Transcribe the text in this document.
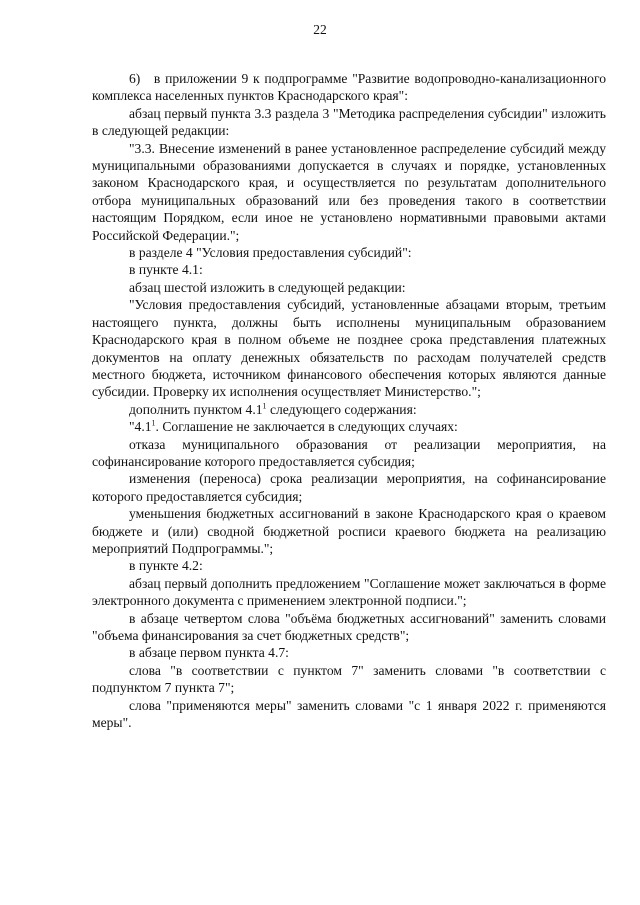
22

6) в приложении 9 к подпрограмме "Развитие водопроводно-канализационного комплекса населенных пунктов Краснодарского края":

абзац первый пункта 3.3 раздела 3 "Методика распределения субсидии" изложить в следующей редакции:

"3.3. Внесение изменений в ранее установленное распределение субсидий между муниципальными образованиями допускается в случаях и порядке, установленных законом Краснодарского края, и осуществляется по результатам дополнительного отбора муниципальных образований или без проведения такого в соответствии настоящим Порядком, если иное не установлено нормативными правовыми актами Российской Федерации.";

в разделе 4 "Условия предоставления субсидий":

в пункте 4.1:

абзац шестой изложить в следующей редакции:

"Условия предоставления субсидий, установленные абзацами вторым, третьим настоящего пункта, должны быть исполнены муниципальным образованием Краснодарского края в полном объеме не позднее срока представления платежных документов на оплату денежных обязательств по расходам получателей средств местного бюджета, источником финансового обеспечения которых являются данные субсидии. Проверку их исполнения осуществляет Министерство.";

дополнить пунктом $4.1^1$ следующего содержания:

"$4.1^1$. Соглашение не заключается в следующих случаях:

отказа муниципального образования от реализации мероприятия, на софинансирование которого предоставляется субсидия;

изменения (переноса) срока реализации мероприятия, на софинансирование которого предоставляется субсидия;

уменьшения бюджетных ассигнований в законе Краснодарского края о краевом бюджете и (или) сводной бюджетной росписи краевого бюджета на реализацию мероприятий Подпрограммы.";

в пункте 4.2:

абзац первый дополнить предложением "Соглашение может заключаться в форме электронного документа с применением электронной подписи.";

в абзаце четвертом слова "объёма бюджетных ассигнований" заменить словами "объема финансирования за счет бюджетных средств";

в абзаце первом пункта 4.7:

слова "в соответствии с пунктом 7" заменить словами "в соответствии с подпунктом 7 пункта 7";

слова "применяются меры" заменить словами "с 1 января 2022 г. применяются меры".
